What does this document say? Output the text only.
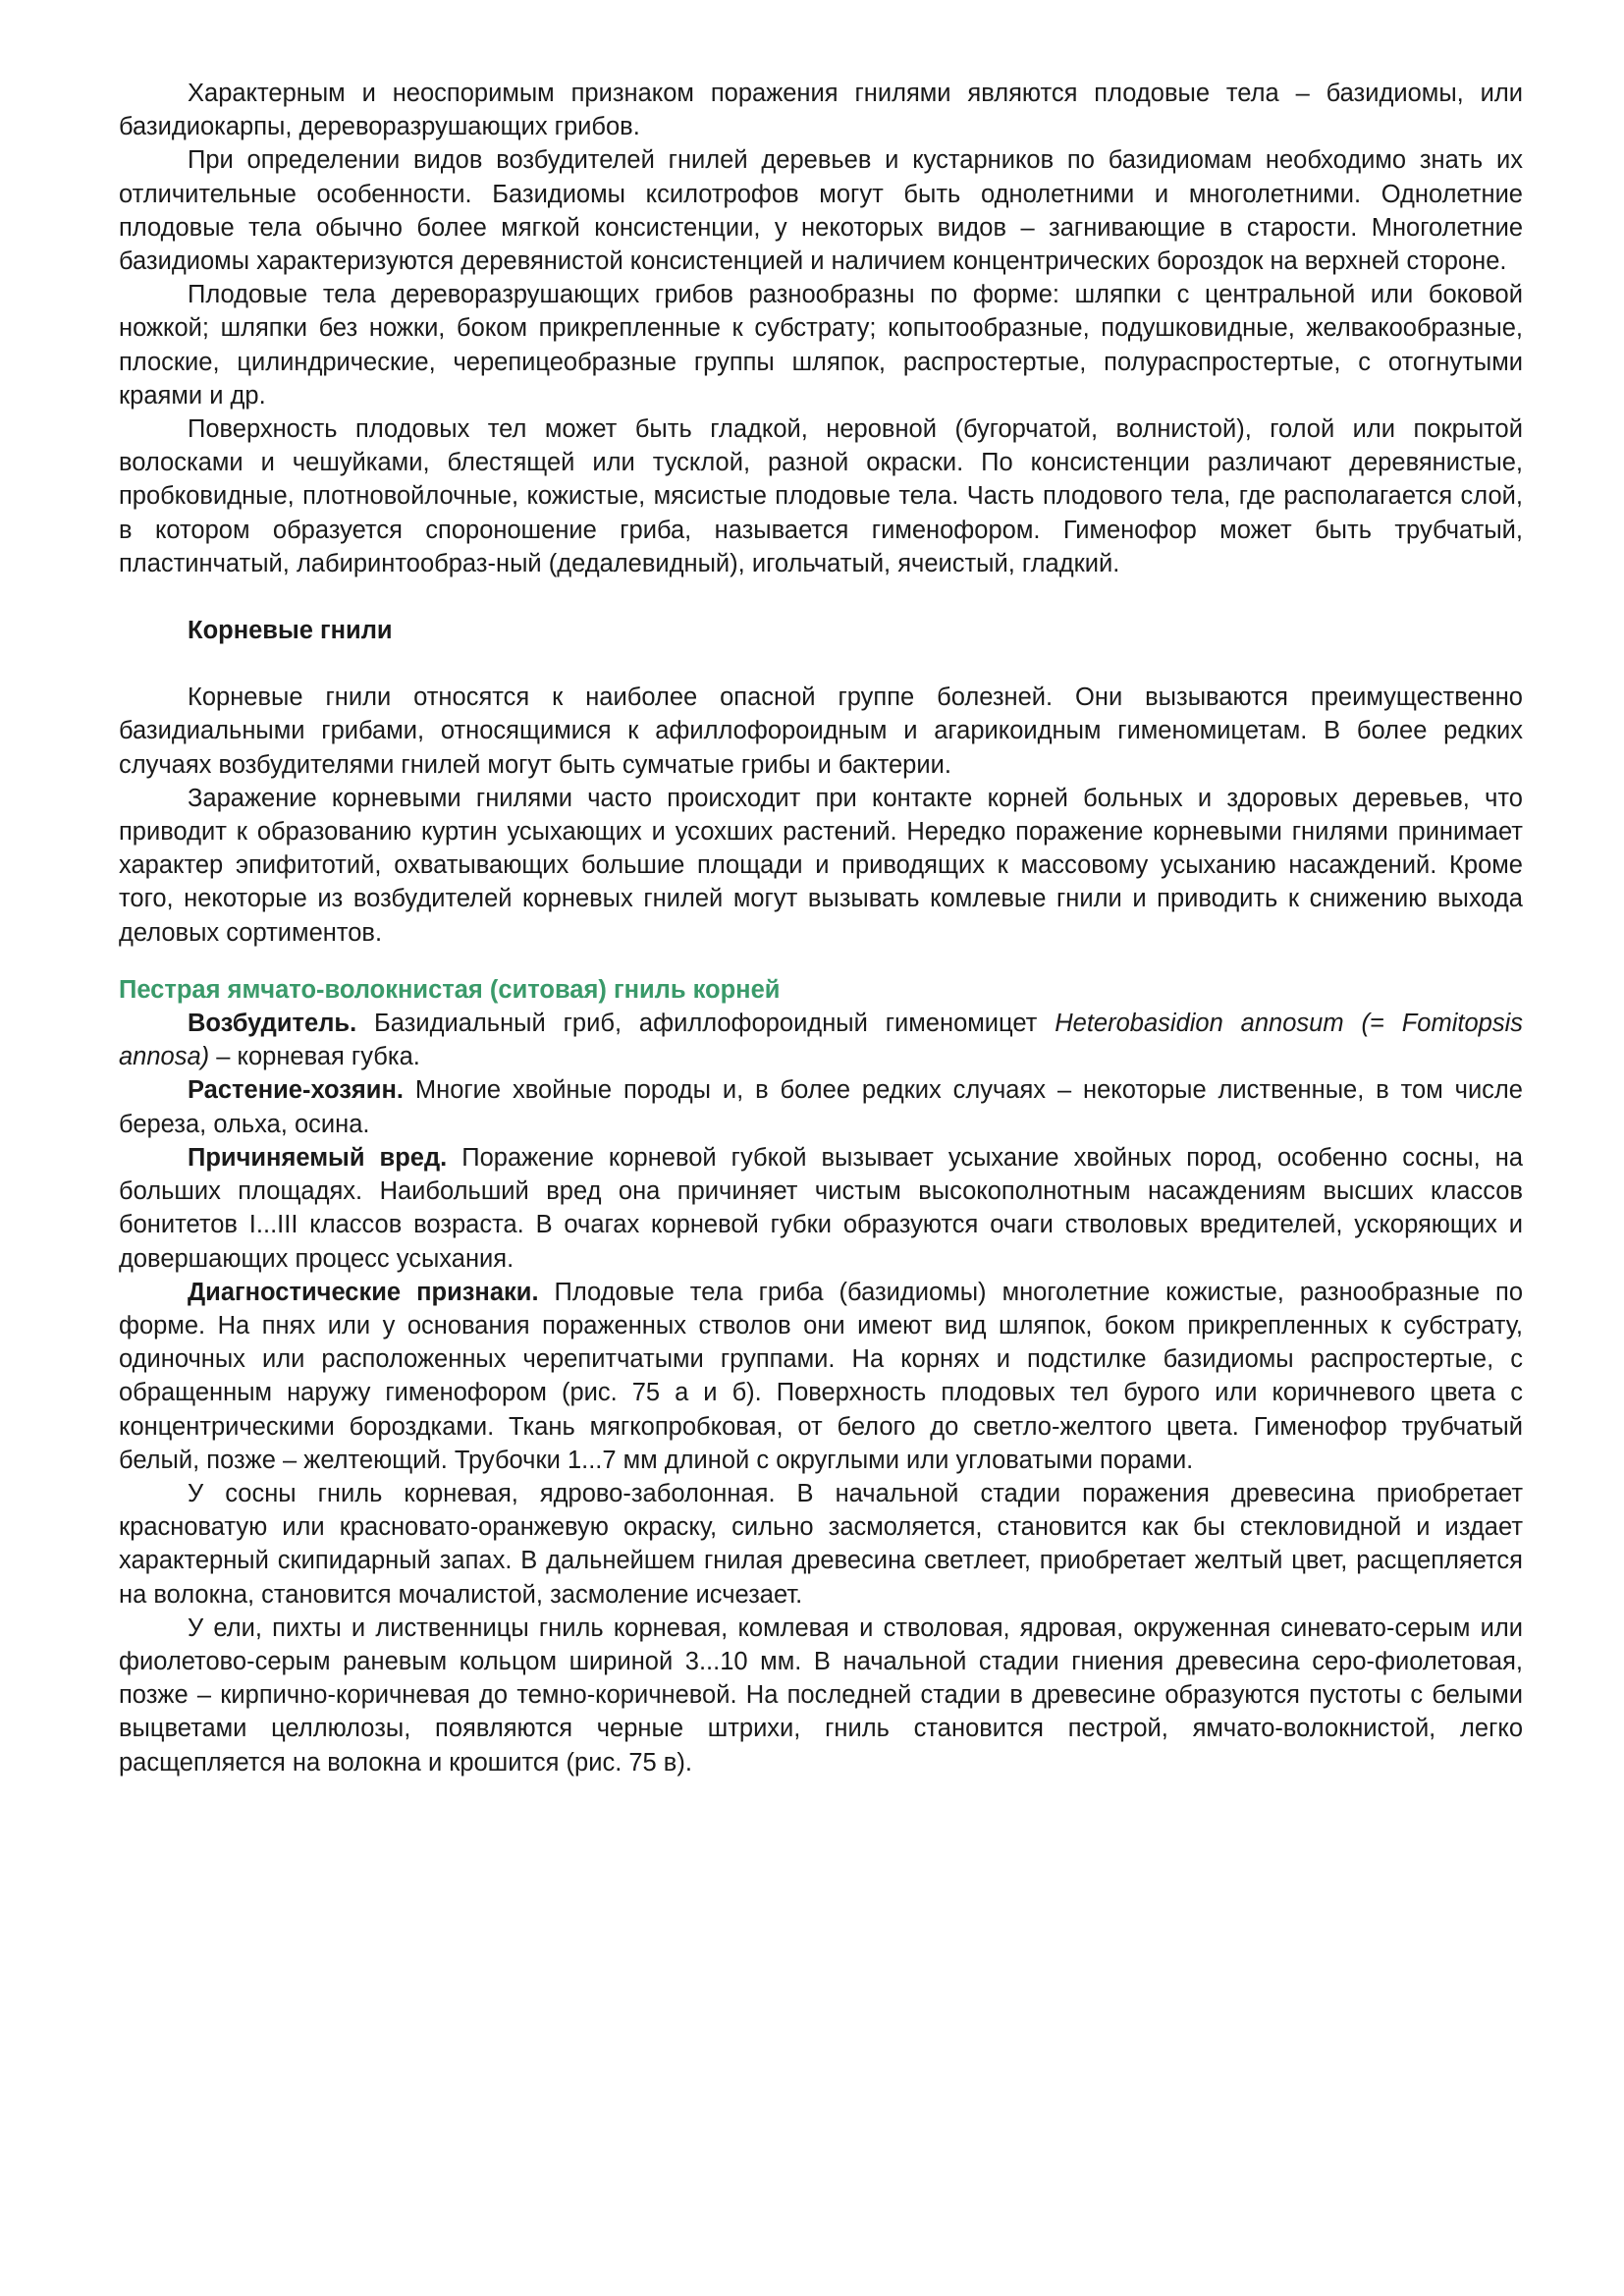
Характерным и неоспоримым признаком поражения гнилями являются плодовые тела – базидиомы, или базидиокарпы, дереворазрушающих грибов.

При определении видов возбудителей гнилей деревьев и кустарников по базидиомам необходимо знать их отличительные особенности. Базидиомы ксилотрофов могут быть однолетними и многолетними. Однолетние плодовые тела обычно более мягкой консистенции, у некоторых видов – загнивающие в старости. Многолетние базидиомы характеризуются деревянистой консистенцией и наличием концентрических бороздок на верхней стороне.

Плодовые тела дереворазрушающих грибов разнообразны по форме: шляпки с центральной или боковой ножкой; шляпки без ножки, боком прикрепленные к субстрату; копытообразные, подушковидные, желвакообразные, плоские, цилиндрические, черепицеобразные группы шляпок, распростертые, полураспростертые, с отогнутыми краями и др.

Поверхность плодовых тел может быть гладкой, неровной (бугорчатой, волнистой), голой или покрытой волосками и чешуйками, блестящей или тусклой, разной окраски. По консистенции различают деревянистые, пробковидные, плотновойлочные, кожистые, мясистые плодовые тела. Часть плодового тела, где располагается слой, в котором образуется спороношение гриба, называется гименофором. Гименофор может быть трубчатый, пластинчатый, лабиринтообраз-ный (дедалевидный), игольчатый, ячеистый, гладкий.

Корневые гнили

Корневые гнили относятся к наиболее опасной группе болезней. Они вызываются преимущественно базидиальными грибами, относящимися к афиллофороидным и агарикоидным гименомицетам. В более редких случаях возбудителями гнилей могут быть сумчатые грибы и бактерии.

Заражение корневыми гнилями часто происходит при контакте корней больных и здоровых деревьев, что приводит к образованию куртин усыхающих и усохших растений. Нередко поражение корневыми гнилями принимает характер эпифитотий, охватывающих большие площади и приводящих к массовому усыханию насаждений. Кроме того, некоторые из возбудителей корневых гнилей могут вызывать комлевые гнили и приводить к снижению выхода деловых сортиментов.

Пестрая ямчато-волокнистая (ситовая) гниль корней

Возбудитель. Базидиальный гриб, афиллофороидный гименомицет Heterobasidion annosum (= Fomitopsis annosa) – корневая губка.

Растение-хозяин. Многие хвойные породы и, в более редких случаях – некоторые лиственные, в том числе береза, ольха, осина.

Причиняемый вред. Поражение корневой губкой вызывает усыхание хвойных пород, особенно сосны, на больших площадях. Наибольший вред она причиняет чистым высокополнотным насаждениям высших классов бонитетов I...III классов возраста. В очагах корневой губки образуются очаги стволовых вредителей, ускоряющих и довершающих процесс усыхания.

Диагностические признаки. Плодовые тела гриба (базидиомы) многолетние кожистые, разнообразные по форме. На пнях или у основания пораженных стволов они имеют вид шляпок, боком прикрепленных к субстрату, одиночных или расположенных черепитчатыми группами. На корнях и подстилке базидиомы распростертые, с обращенным наружу гименофором (рис. 75 а и б). Поверхность плодовых тел бурого или коричневого цвета с концентрическими бороздками. Ткань мягкопробковая, от белого до светло-желтого цвета. Гименофор трубчатый белый, позже – желтеющий. Трубочки 1...7 мм длиной с округлыми или угловатыми порами.

У сосны гниль корневая, ядрово-заболонная. В начальной стадии поражения древесина приобретает красноватую или красновато-оранжевую окраску, сильно засмоляется, становится как бы стекловидной и издает характерный скипидарный запах. В дальнейшем гнилая древесина светлеет, приобретает желтый цвет, расщепляется на волокна, становится мочалистой, засмоление исчезает.

У ели, пихты и лиственницы гниль корневая, комлевая и стволовая, ядровая, окруженная синевато-серым или фиолетово-серым раневым кольцом шириной 3...10 мм. В начальной стадии гниения древесина серо-фиолетовая, позже – кирпично-коричневая до темно-коричневой. На последней стадии в древесине образуются пустоты с белыми выцветами целлюлозы, появляются черные штрихи, гниль становится пестрой, ямчато-волокнистой, легко расщепляется на волокна и крошится (рис. 75 в).
